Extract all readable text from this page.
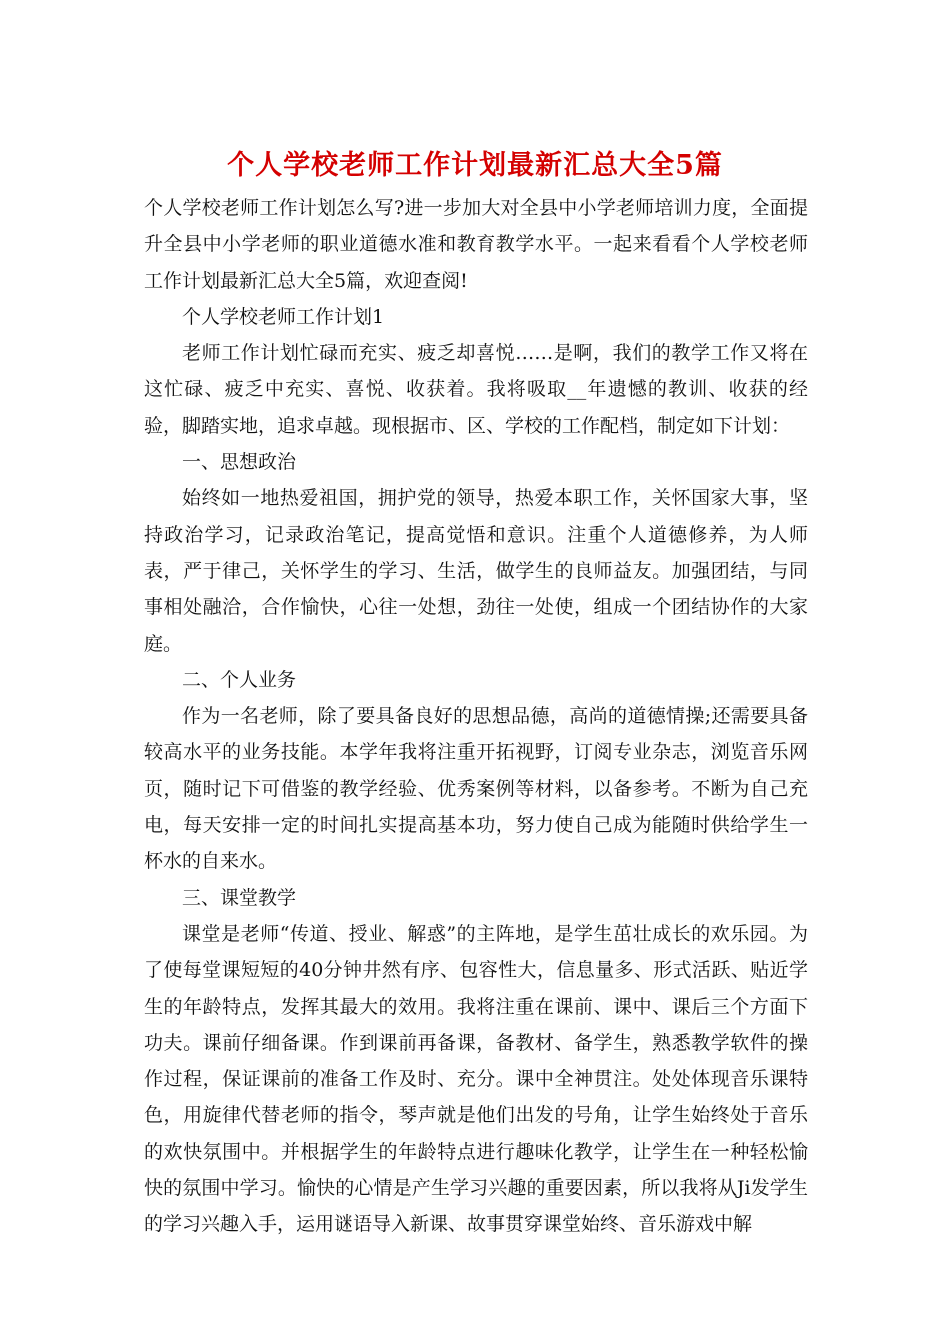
个人学校老师工作计划最新汇总大全5篇

个人学校老师工作计划怎么写?进一步加大对全县中小学老师培训力度，全面提升全县中小学老师的职业道德水准和教育教学水平。一起来看看个人学校老师工作计划最新汇总大全5篇，欢迎查阅!

个人学校老师工作计划1

老师工作计划忙碌而充实、疲乏却喜悦……是啊，我们的教学工作又将在这忙碌、疲乏中充实、喜悦、收获着。我将吸取__年遗憾的教训、收获的经验，脚踏实地，追求卓越。现根据市、区、学校的工作配档，制定如下计划：

一、思想政治

始终如一地热爱祖国，拥护党的领导，热爱本职工作，关怀国家大事，坚持政治学习，记录政治笔记，提高觉悟和意识。注重个人道德修养，为人师表，严于律己，关怀学生的学习、生活，做学生的良师益友。加强团结，与同事相处融洽，合作愉快，心往一处想，劲往一处使，组成一个团结协作的大家庭。

二、个人业务

作为一名老师，除了要具备良好的思想品德，高尚的道德情操;还需要具备较高水平的业务技能。本学年我将注重开拓视野，订阅专业杂志，浏览音乐网页，随时记下可借鉴的教学经验、优秀案例等材料，以备参考。不断为自己充电，每天安排一定的时间扎实提高基本功，努力使自己成为能随时供给学生一杯水的自来水。

三、课堂教学

课堂是老师“传道、授业、解惑”的主阵地，是学生茁壮成长的欢乐园。为了使每堂课短短的40分钟井然有序、包容性大，信息量多、形式活跃、贴近学生的年龄特点，发挥其最大的效用。我将注重在课前、课中、课后三个方面下功夫。课前仔细备课。作到课前再备课，备教材、备学生，熟悉教学软件的操作过程，保证课前的准备工作及时、充分。课中全神贯注。处处体现音乐课特色，用旋律代替老师的指令，琴声就是他们出发的号角，让学生始终处于音乐的欢快氛围中。并根据学生的年龄特点进行趣味化教学，让学生在一种轻松愉快的氛围中学习。愉快的心情是产生学习兴趣的重要因素，所以我将从Ji发学生的学习兴趣入手，运用谜语导入新课、故事贯穿课堂始终、音乐游戏中解
